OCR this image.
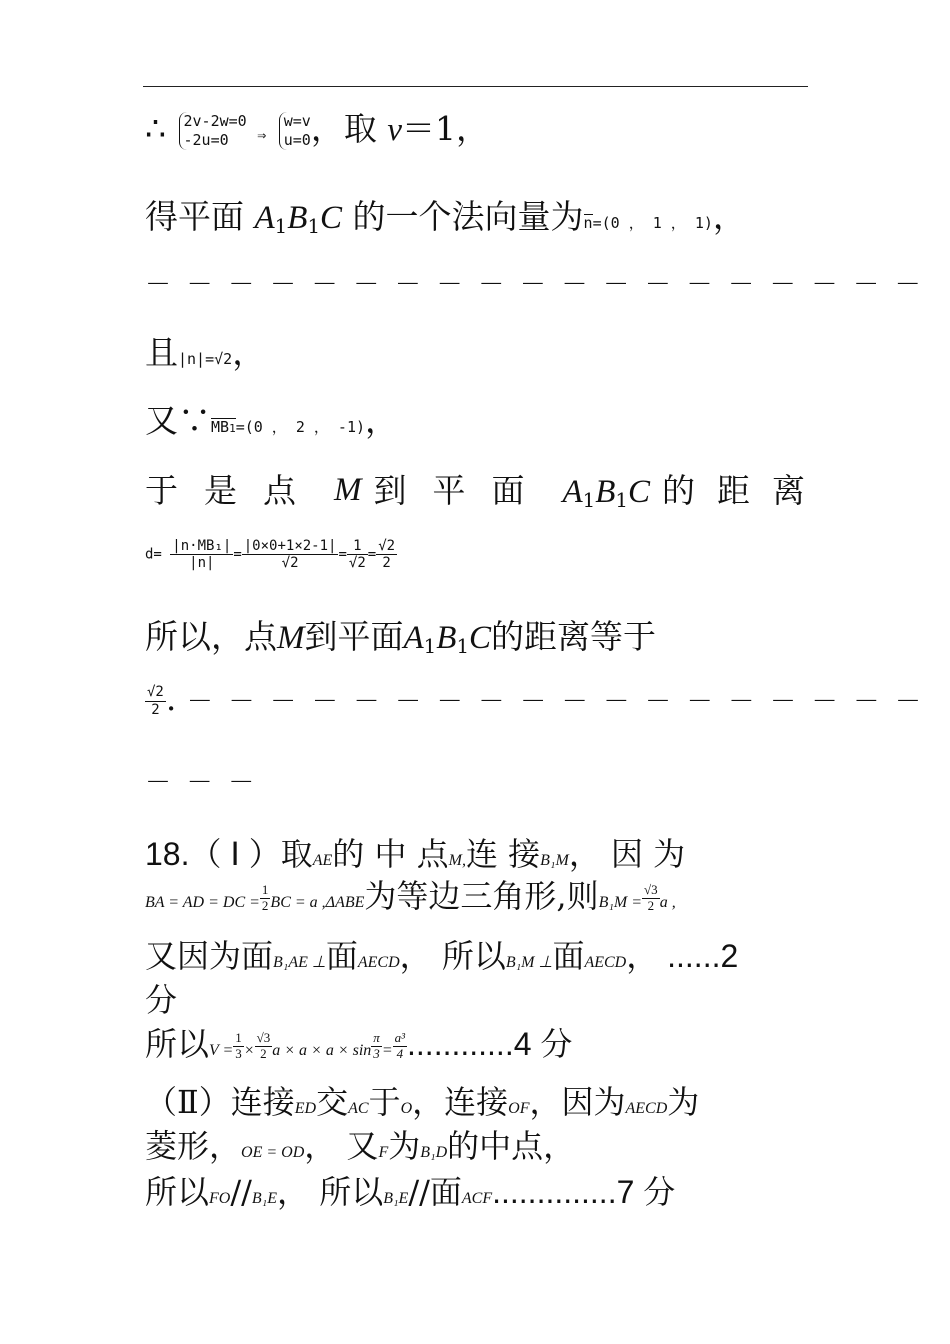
∴ 2v-2w=0
-2u=0	⇒
w=v
u=0 ，取 v＝1，
得平面 $A_1B_1C$ 的一个法向量为n=(0 ， 1 ， 1)，
－ － － － － － － － － － － － － － － － － － －
且|n|=√2，
又∵MB1=(0 ， 2 ， -1)，
于是点 M 到平面 $A_1B_1C$ 的距离
$d= \frac{\text{|n·MB₁|}}{|n|} = \frac{|0\times 0+1\times 2-1|}{√2} = \frac{1}{√2} = \frac{√2}{2}$
所以，点M到平面$A_1B_1C$的距离等于
$\frac{√2}{2}$ . － － － － － － － － － － － － － － － － － －
－ － －
18.（ Ⅰ ）取AE的 中 点M,连 接B₁M， 因 为
BA = AD = DC = $\frac{1}{2}$ BC = a ,ΔABE为等边三角形,则$B_1M = \frac{√3}{2}$ a ,
又因为面B₁AE ⊥面AECD， 所以B₁M ⊥面AECD， ......2
分
所以$V = \frac{1}{3} \times \frac{√3}{2}$ $a \times a \times a \times \sin \frac{\pi}{3} = \frac{\text{a³}}{4} ............4$ 分
（Ⅱ）连接ED交AC于O，连接OF，因为AECD为
菱形，OE = OD， 又F为B₁D的中点，
所以FO//B₁E， 所以B₁E//面ACF..............7 分
